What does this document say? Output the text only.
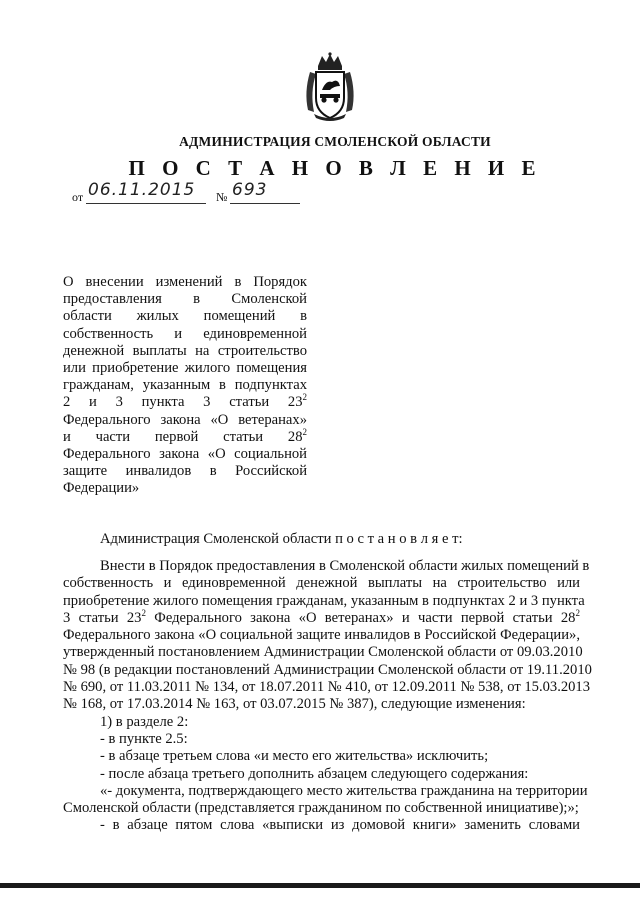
АДМИНИСТРАЦИЯ СМОЛЕНСКОЙ ОБЛАСТИ
П О С Т А Н О В Л Е Н И Е
от 06.11.2015 № 693
О внесении изменений в Порядок
предоставления в Смоленской
области жилых помещений в
собственность и единовременной
денежной выплаты на строительство
или приобретение жилого помещения
гражданам, указанным в подпунктах
2 и 3 пункта 3 статьи $23^2$
Федерального закона «О ветеранах»
и части первой статьи $28^2$
Федерального закона «О социальной
защите инвалидов в Российской
Федерации»
Администрация Смоленской области п о с т а н о в л я е т:
Внести в Порядок предоставления в Смоленской области жилых помещений в
собственность и единовременной денежной выплаты на строительство или
приобретение жилого помещения гражданам, указанным в подпунктах 2 и 3 пункта
3 статьи $23^2$ Федерального закона «О ветеранах» и части первой статьи $28^2$
Федерального закона «О социальной защите инвалидов в Российской Федерации»,
утвержденный постановлением Администрации Смоленской области от 09.03.2010
№ 98 (в редакции постановлений Администрации Смоленской области от 19.11.2010
№ 690, от 11.03.2011 № 134, от 18.07.2011 № 410, от 12.09.2011 № 538, от 15.03.2013
№ 168, от 17.03.2014 № 163, от 03.07.2015 № 387), следующие изменения:
1) в разделе 2:
- в пункте 2.5:
- в абзаце третьем слова «и место его жительства» исключить;
- после абзаца третьего дополнить абзацем следующего содержания:
«- документа, подтверждающего место жительства гражданина на территории
Смоленской области (представляется гражданином по собственной инициативе);»;
- в абзаце пятом слова «выписки из домовой книги» заменить словами
